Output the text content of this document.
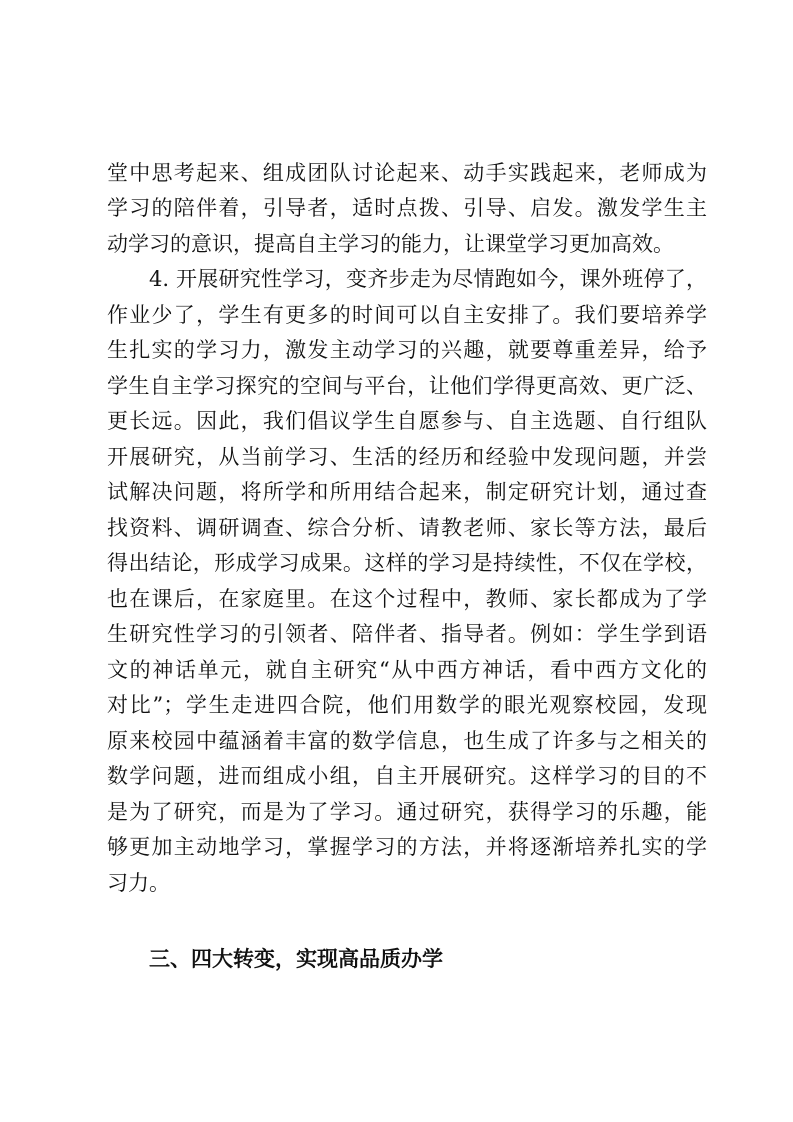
堂中思考起来、组成团队讨论起来、动手实践起来，老师成为

学习的陪伴着，引导者，适时点拨、引导、启发。激发学生主

动学习的意识，提高自主学习的能力，让课堂学习更加高效。

4. 开展研究性学习，变齐步走为尽情跑如今，课外班停了，

作业少了，学生有更多的时间可以自主安排了。我们要培养学

生扎实的学习力，激发主动学习的兴趣，就要尊重差异，给予

学生自主学习探究的空间与平台，让他们学得更高效、更广泛、

更长远。因此，我们倡议学生自愿参与、自主选题、自行组队

开展研究，从当前学习、生活的经历和经验中发现问题，并尝

试解决问题，将所学和所用结合起来，制定研究计划，通过查

找资料、调研调查、综合分析、请教老师、家长等方法，最后

得出结论，形成学习成果。这样的学习是持续性，不仅在学校，

也在课后，在家庭里。在这个过程中，教师、家长都成为了学

生研究性学习的引领者、陪伴者、指导者。例如：学生学到语

文的神话单元，就自主研究“从中西方神话，看中西方文化的

对比”；学生走进四合院，他们用数学的眼光观察校园，发现

原来校园中蕴涵着丰富的数学信息，也生成了许多与之相关的

数学问题，进而组成小组，自主开展研究。这样学习的目的不

是为了研究，而是为了学习。通过研究，获得学习的乐趣，能

够更加主动地学习，掌握学习的方法，并将逐渐培养扎实的学

习力。

三、四大转变，实现高品质办学
